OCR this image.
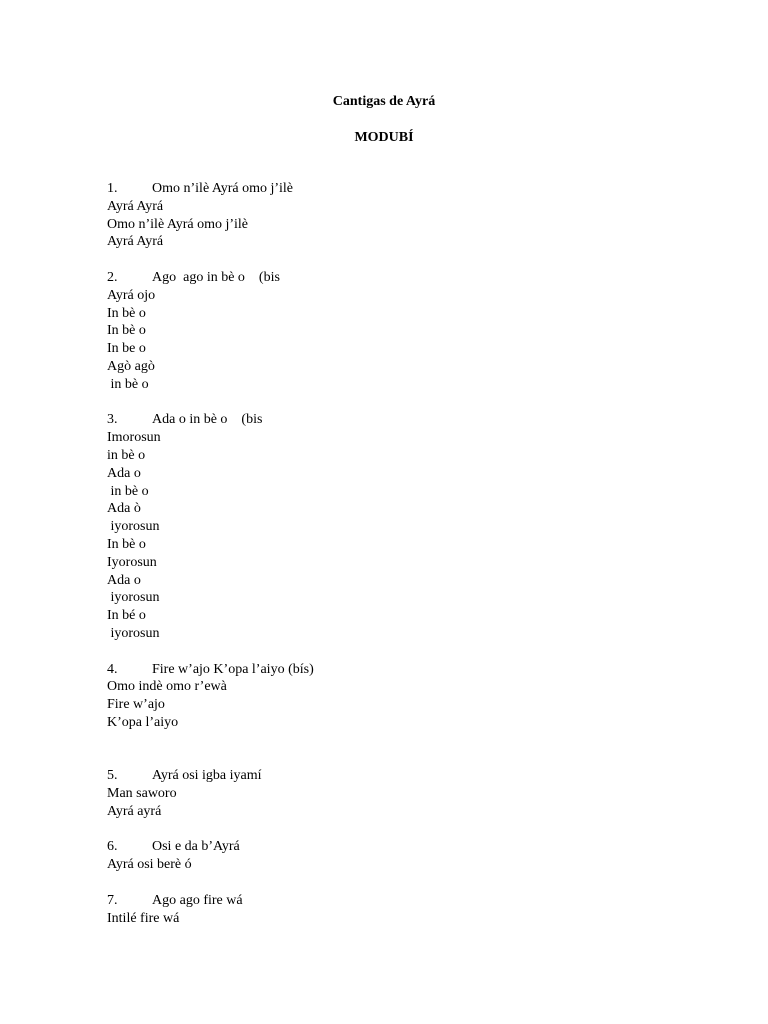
Cantigas de Ayrá
MODUBÍ
1. Omo n’ilè Ayrá omo j’ilè
Ayrá Ayrá
Omo n’ilè Ayrá omo j’ilè
Ayrá Ayrá
2. Ago  ago in bè o    (bis
Ayrá ojo
In bè o
In bè o
In be o
Agò agò
in bè o
3. Ada o in bè o    (bis
Imorosun
in bè o
Ada o
in bè o
Ada ò
iyorosun
In bè o
Iyorosun
Ada o
iyorosun
In bé o
iyorosun
4. Fire w’ajo K’opa l’aiyo (bís)
Omo indè omo r’ewà
Fire w’ajo
K’opa l’aiyo
5. Ayrá osi igba iyamí
Man saworo
Ayrá ayrá
6. Osi e da b’Ayrá
Ayrá osi berè ó
7. Ago ago fire wá
Intilé fire wá
